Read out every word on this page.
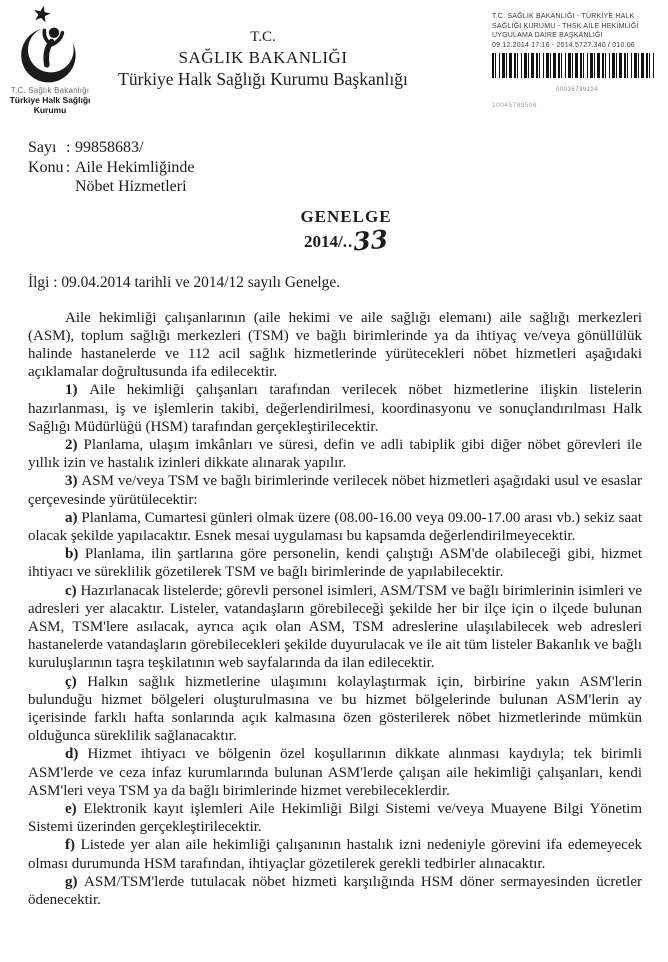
T.C. Sağlık Bakanlığı
Türkiye Halk Sağlığı
Kurumu
T.C.
SAĞLIK BAKANLIĞI
Türkiye Halk Sağlığı Kurumu Başkanlığı
T.C. SAĞLIK BAKANLIĞI - TÜRKİYE HALK
SAĞLIĞI KURUMU - THSK AİLE HEKİMLİĞİ
UYGULAMA DAİRE BAŞKANLIĞI
09.12.2014 17:16 - 2014.5727.340 / 010.06
00036739124
10045789506
Sayı : 99858683/
Konu : Aile Hekimliğinde
Nöbet Hizmetleri
GENELGE
2014/..33
İlgi : 09.04.2014 tarihli ve 2014/12 sayılı Genelge.

Aile hekimliği çalışanlarının (aile hekimi ve aile sağlığı elemanı) aile sağlığı merkezleri (ASM), toplum sağlığı merkezleri (TSM) ve bağlı birimlerinde ya da ihtiyaç ve/veya gönüllülük halinde hastanelerde ve 112 acil sağlık hizmetlerinde yürütecekleri nöbet hizmetleri aşağıdaki açıklamalar doğrultusunda ifa edilecektir.

1) Aile hekimliği çalışanları tarafından verilecek nöbet hizmetlerine ilişkin listelerin hazırlanması, iş ve işlemlerin takibi, değerlendirilmesi, koordinasyonu ve sonuçlandırılması Halk Sağlığı Müdürlüğü (HSM) tarafından gerçekleştirilecektir.

2) Planlama, ulaşım imkânları ve süresi, defin ve adli tabiplik gibi diğer nöbet görevleri ile yıllık izin ve hastalık izinleri dikkate alınarak yapılır.

3) ASM ve/veya TSM ve bağlı birimlerinde verilecek nöbet hizmetleri aşağıdaki usul ve esaslar çerçevesinde yürütülecektir:

a) Planlama, Cumartesi günleri olmak üzere (08.00-16.00 veya 09.00-17.00 arası vb.) sekiz saat olacak şekilde yapılacaktır. Esnek mesai uygulaması bu kapsamda değerlendirilmeyecektir.

b) Planlama, ilin şartlarına göre personelin, kendi çalıştığı ASM'de olabileceği gibi, hizmet ihtiyacı ve süreklilik gözetilerek TSM ve bağlı birimlerinde de yapılabilecektir.

c) Hazırlanacak listelerde; görevli personel isimleri, ASM/TSM ve bağlı birimlerinin isimleri ve adresleri yer alacaktır. Listeler, vatandaşların görebileceği şekilde her bir ilçe için o ilçede bulunan ASM, TSM'lere asılacak, ayrıca açık olan ASM, TSM adreslerine ulaşılabilecek web adresleri hastanelerde vatandaşların görebilecekleri şekilde duyurulacak ve ile ait tüm listeler Bakanlık ve bağlı kuruluşlarının taşra teşkilatının web sayfalarında da ilan edilecektir.

ç) Halkın sağlık hizmetlerine ulaşımını kolaylaştırmak için, birbirine yakın ASM'lerin bulunduğu hizmet bölgeleri oluşturulmasına ve bu hizmet bölgelerinde bulunan ASM'lerin ay içerisinde farklı hafta sonlarında açık kalmasına özen gösterilerek nöbet hizmetlerinde mümkün olduğunca süreklilik sağlanacaktır.

d) Hizmet ihtiyacı ve bölgenin özel koşullarının dikkate alınması kaydıyla; tek birimli ASM'lerde ve ceza infaz kurumlarında bulunan ASM'lerde çalışan aile hekimliği çalışanları, kendi ASM'leri veya TSM ya da bağlı birimlerinde hizmet verebileceklerdir.

e) Elektronik kayıt işlemleri Aile Hekimliği Bilgi Sistemi ve/veya Muayene Bilgi Yönetim Sistemi üzerinden gerçekleştirilecektir.

f) Listede yer alan aile hekimliği çalışanının hastalık izni nedeniyle görevini ifa edemeyecek olması durumunda HSM tarafından, ihtiyaçlar gözetilerek gerekli tedbirler alınacaktır.

g) ASM/TSM'lerde tutulacak nöbet hizmeti karşılığında HSM döner sermayesinden ücretler ödenecektir.
